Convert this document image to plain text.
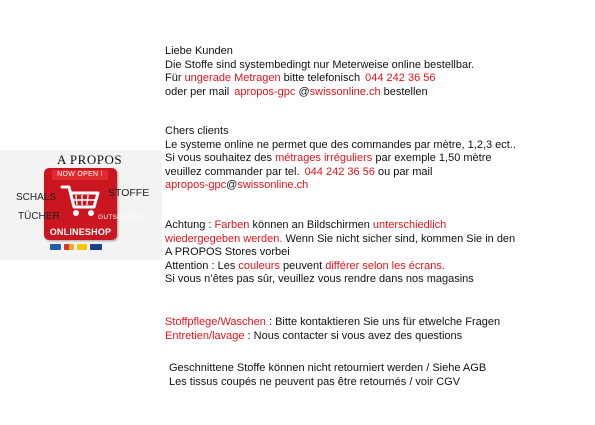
A PROPOS
NOW OPEN !
ONLINESHOP
SCHALS	STOFFE
TÜCHER	GUTSCHEINE

Liebe Kunden

Die Stoffe sind systembedingt nur Meterweise online bestellbar.

Für ungerade Metragen bitte telefonisch 044 242 36 56

oder per mail apropos-gpc @swissonline.ch bestellen

Chers clients

Le systeme online ne permet que des commandes par mètre, 1,2,3 ect..

Si vous souhaitez des métrages irréguliers par exemple 1,50 mètre

veuillez commander par tel. 044 242 36 56 ou par mail

apropos-gpc@swissonline.ch

Achtung : Farben können an Bildschirmen unterschiedlich

wiedergegeben werden. Wenn Sie nicht sicher sind, kommen Sie in den

A PROPOS Stores vorbei

Attention : Les couleurs peuvent différer selon les écrans.

Si vous n’êtes pas sûr, veuillez vous rendre dans nos magasins

Stoffpflege/Waschen : Bitte kontaktieren Sie uns für etwelche Fragen

Entretien/lavage : Nous contacter si vous avez des questions

Geschnittene Stoffe können nicht retourniert werden / Siehe AGB

Les tissus coupés ne peuvent pas être retournés / voir CGV
